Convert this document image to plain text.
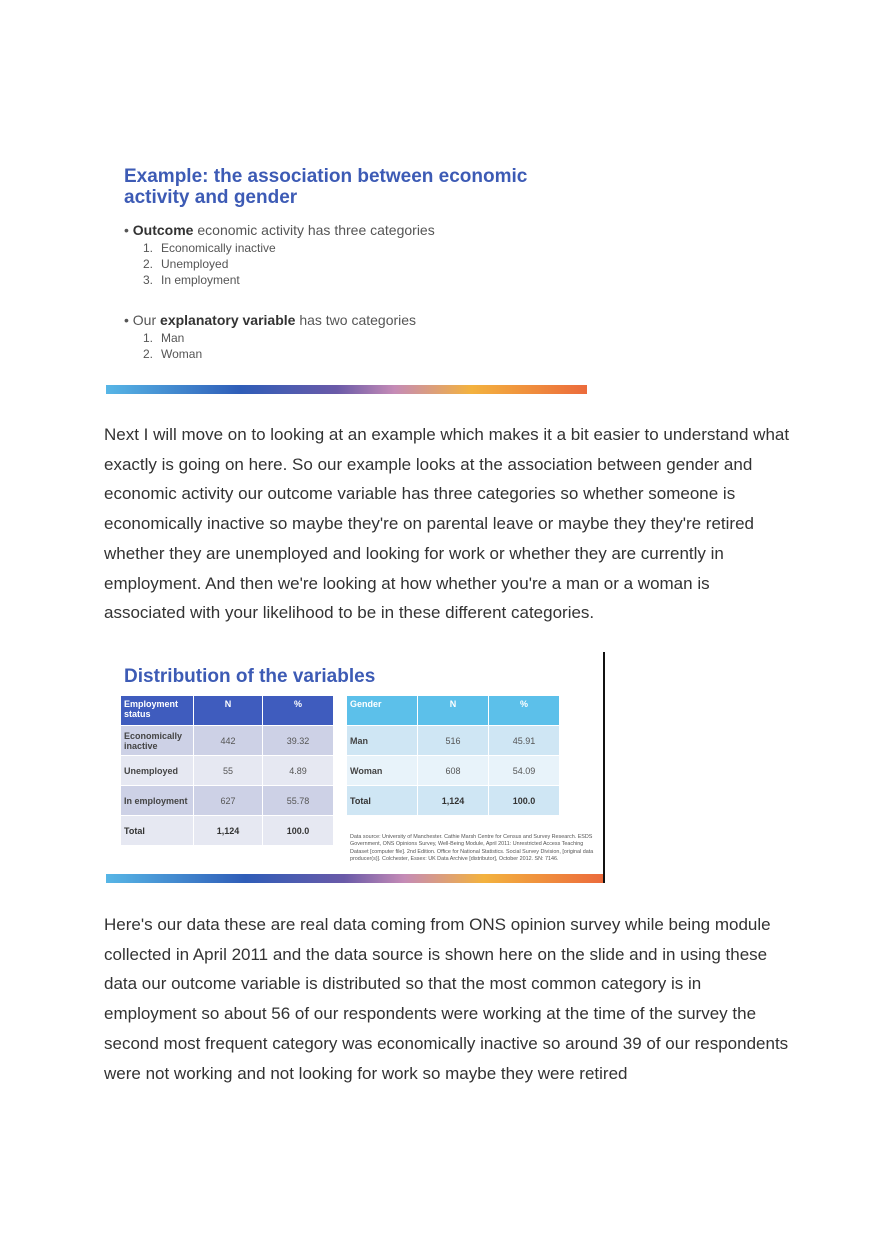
Example: the association between economic activity and gender
• Outcome economic activity has three categories
1. Economically inactive
2. Unemployed
3. In employment
• Our explanatory variable has two categories
1. Man
2. Woman
Next I will move on to looking at an example which makes it a bit easier to understand what exactly is going on here. So our example looks at the association between gender and economic activity our outcome variable has three categories so whether someone is economically inactive so maybe they're on parental leave or maybe they they're retired whether they are unemployed and looking for work or whether they are currently in employment. And then we're looking at how whether you're a man or a woman is associated with your likelihood to be in these different categories.
Distribution of the variables
Employment status	N	%
Economically inactive	442	39.32
Unemployed	55	4.89
In employment	627	55.78
Total	1,124	100.0
Gender	N	%
Man	516	45.91
Woman	608	54.09
Total	1,124	100.0
Data source: University of Manchester. Cathie Marsh Centre for Census and Survey Research. ESDS Government, ONS Opinions Survey, Well-Being Module, April 2011: Unrestricted Access Teaching Dataset [computer file]. 2nd Edition. Office for National Statistics. Social Survey Division, [original data producer(s)]. Colchester, Essex: UK Data Archive [distributor], October 2012. SN: 7146.
Here's our data these are real data coming from ONS opinion survey while being module collected in April 2011 and the data source is shown here on the slide and in using these data our outcome variable is distributed so that the most common category is in employment so about 56 of our respondents were working at the time of the survey the second most frequent category was economically inactive so around 39 of our respondents were not working and not looking for work so maybe they were retired
